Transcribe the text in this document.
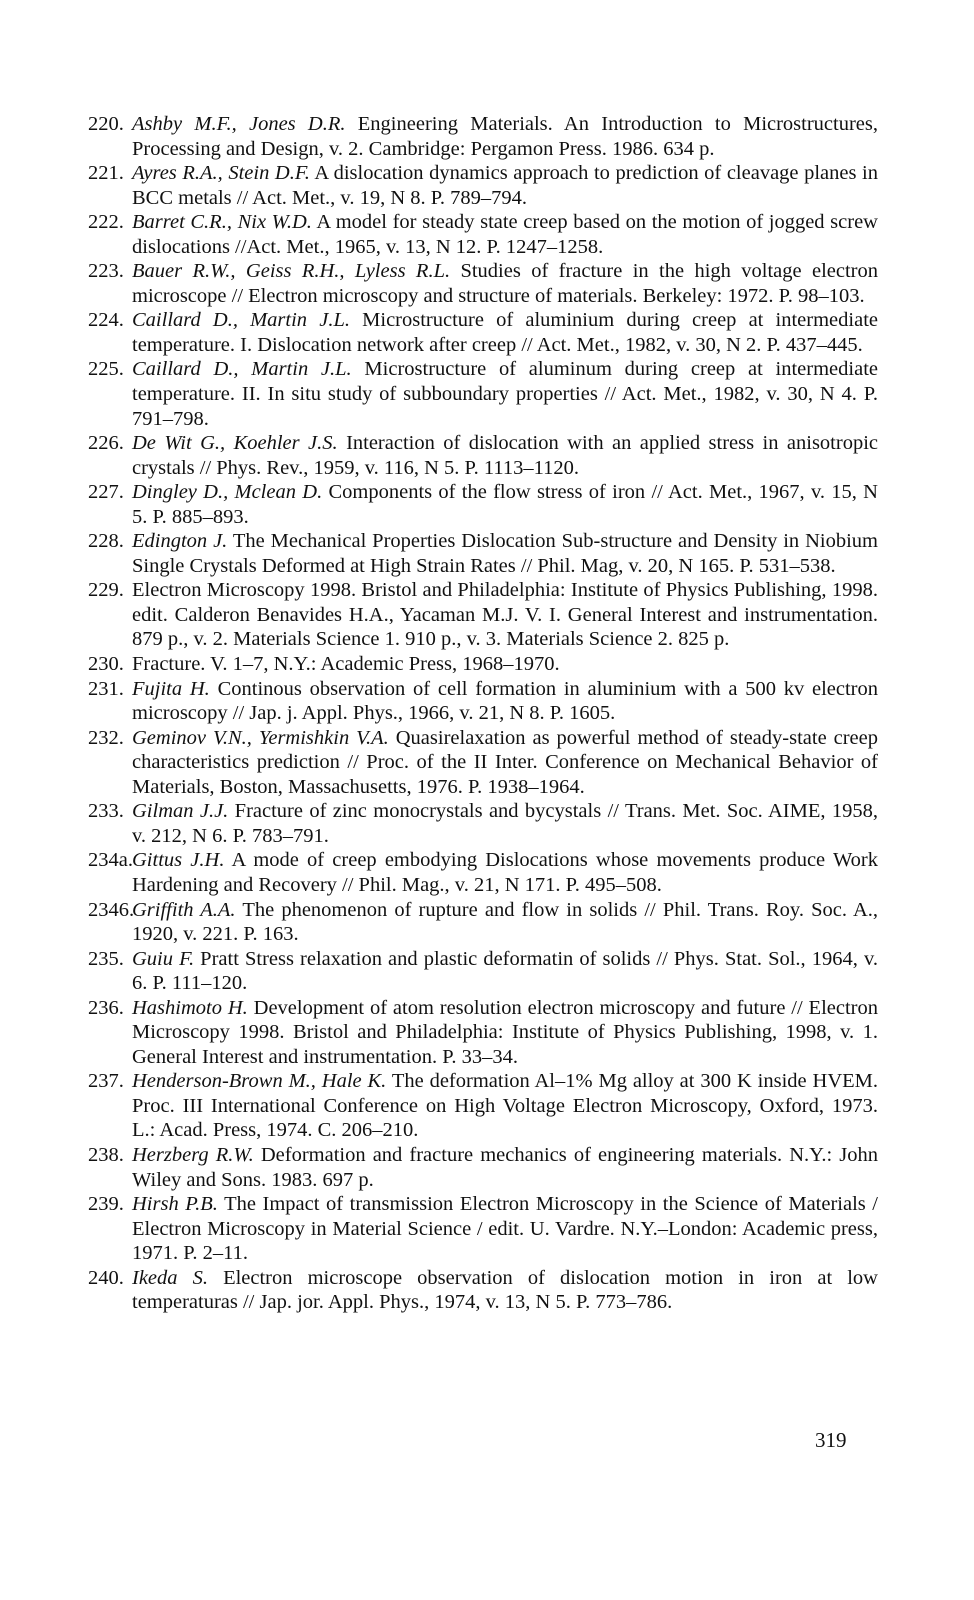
220. Ashby M.F., Jones D.R. Engineering Materials. An Introduction to Microstructures, Processing and Design, v. 2. Cambridge: Pergamon Press. 1986. 634 p.
221. Ayres R.A., Stein D.F. A dislocation dynamics approach to prediction of cleavage planes in BCC metals // Act. Met., v. 19, N 8. P. 789–794.
222. Barret C.R., Nix W.D. A model for steady state creep based on the motion of jogged screw dislocations //Act. Met., 1965, v. 13, N 12. P. 1247–1258.
223. Bauer R.W., Geiss R.H., Lyless R.L. Studies of fracture in the high voltage electron microscope // Electron microscopy and structure of materials. Berkeley: 1972. P. 98–103.
224. Caillard D., Martin J.L. Microstructure of aluminium during creep at intermediate temperature. I. Dislocation network after creep // Act. Met., 1982, v. 30, N 2. P. 437–445.
225. Caillard D., Martin J.L. Microstructure of aluminum during creep at intermediate temperature. II. In situ study of subboundary properties // Act. Met., 1982, v. 30, N 4. P. 791–798.
226. De Wit G., Koehler J.S. Interaction of dislocation with an applied stress in anisotropic crystals // Phys. Rev., 1959, v. 116, N 5. P. 1113–1120.
227. Dingley D., Mclean D. Components of the flow stress of iron // Act. Met., 1967, v. 15, N 5. P. 885–893.
228. Edington J. The Mechanical Properties Dislocation Sub-structure and Density in Niobium Single Crystals Deformed at High Strain Rates // Phil. Mag, v. 20, N 165. P. 531–538.
229. Electron Microscopy 1998. Bristol and Philadelphia: Institute of Physics Publishing, 1998. edit. Calderon Benavides H.A., Yacaman M.J. V. I. General Interest and instrumentation. 879 p., v. 2. Materials Science 1. 910 p., v. 3. Materials Science 2. 825 p.
230. Fracture. V. 1–7, N.Y.: Academic Press, 1968–1970.
231. Fujita H. Continous observation of cell formation in aluminium with a 500 kv electron microscopy // Jap. j. Appl. Phys., 1966, v. 21, N 8. P. 1605.
232. Geminov V.N., Yermishkin V.A. Quasirelaxation as powerful method of steady-state creep characteristics prediction // Proc. of the II Inter. Conference on Mechanical Behavior of Materials, Boston, Massachusetts, 1976. P. 1938–1964.
233. Gilman J.J. Fracture of zinc monocrystals and bycystals // Trans. Met. Soc. AIME, 1958, v. 212, N 6. P. 783–791.
234a. Gittus J.H. A mode of creep embodying Dislocations whose movements produce Work Hardening and Recovery // Phil. Mag., v. 21, N 171. P. 495–508.
2346.
Griffith A.A. The phenomenon of rupture and flow in solids // Phil. Trans. Roy. Soc. A., 1920, v. 221. P. 163.
235. Guiu F. Pratt Stress relaxation and plastic deformatin of solids // Phys. Stat. Sol., 1964, v. 6. P. 111–120.
236. Hashimoto H. Development of atom resolution electron microscopy and future // Electron Microscopy 1998. Bristol and Philadelphia: Institute of Physics Publishing, 1998, v. 1. General Interest and instrumentation. P. 33–34.
237. Henderson-Brown M., Hale K. The deformation Al–1% Mg alloy at 300 K inside HVEM. Proc. III International Conference on High Voltage Electron Microscopy, Oxford, 1973. L.: Acad. Press, 1974. C. 206–210.
238. Herzberg R.W. Deformation and fracture mechanics of engineering materials. N.Y.: John Wiley and Sons. 1983. 697 p.
239. Hirsh P.B. The Impact of transmission Electron Microscopy in the Science of Materials / Electron Microscopy in Material Science / edit. U. Vardre. N.Y.–London: Academic press, 1971. P. 2–11.
240. Ikeda S. Electron microscope observation of dislocation motion in iron at low temperaturas // Jap. jor. Appl. Phys., 1974, v. 13, N 5. P. 773–786.
319
